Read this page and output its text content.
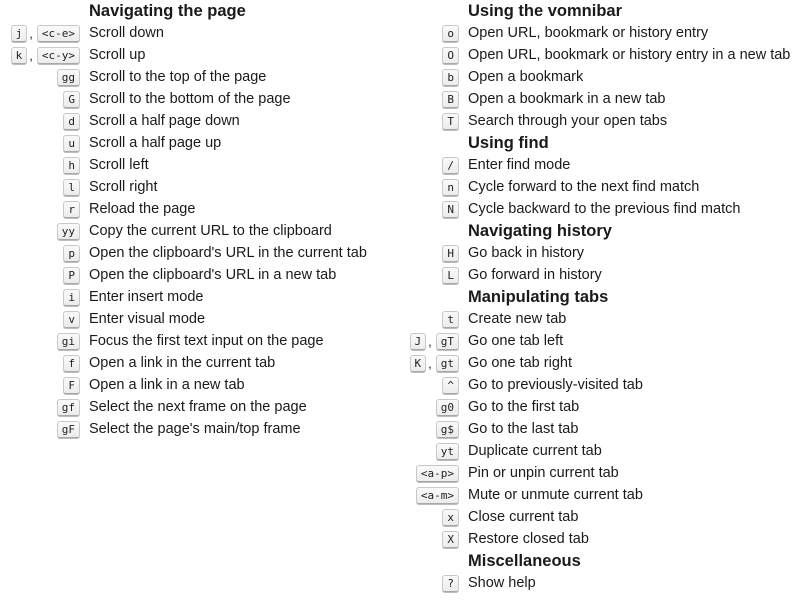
Navigating the page
j , <c-e> Scroll down
k , <c-y> Scroll up
gg Scroll to the top of the page
G Scroll to the bottom of the page
d Scroll a half page down
u Scroll a half page up
h Scroll left
l Scroll right
r Reload the page
yy Copy the current URL to the clipboard
p Open the clipboard's URL in the current tab
P Open the clipboard's URL in a new tab
i Enter insert mode
v Enter visual mode
gi Focus the first text input on the page
f Open a link in the current tab
F Open a link in a new tab
gf Select the next frame on the page
gF Select the page's main/top frame
Using the vomnibar
o Open URL, bookmark or history entry
O Open URL, bookmark or history entry in a new tab
b Open a bookmark
B Open a bookmark in a new tab
T Search through your open tabs
Using find
/ Enter find mode
n Cycle forward to the next find match
N Cycle backward to the previous find match
Navigating history
H Go back in history
L Go forward in history
Manipulating tabs
t Create new tab
J , gT Go one tab left
K , gt Go one tab right
^ Go to previously-visited tab
g0 Go to the first tab
g$ Go to the last tab
yt Duplicate current tab
<a-p> Pin or unpin current tab
<a-m> Mute or unmute current tab
x Close current tab
X Restore closed tab
Miscellaneous
? Show help
